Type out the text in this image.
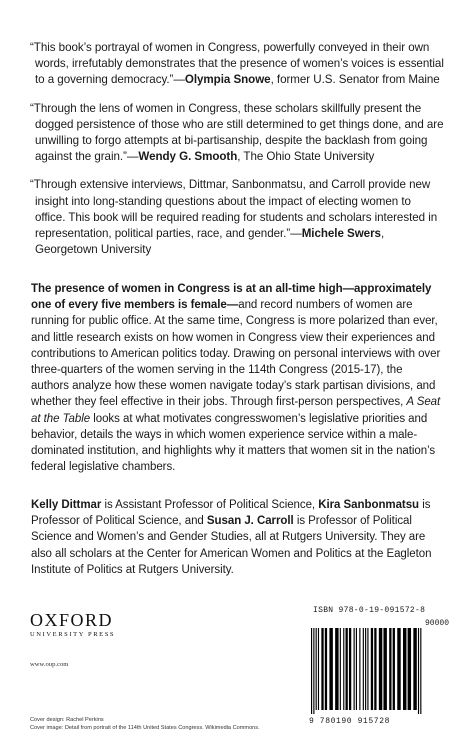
“This book’s portrayal of women in Congress, powerfully conveyed in their own words, irrefutably demonstrates that the presence of women’s voices is essential to a governing democracy.”—Olympia Snowe, former U.S. Senator from Maine
“Through the lens of women in Congress, these scholars skillfully present the dogged persistence of those who are still determined to get things done, and are unwilling to forgo attempts at bi-partisanship, despite the backlash from going against the grain.”—Wendy G. Smooth, The Ohio State University
“Through extensive interviews, Dittmar, Sanbonmatsu, and Carroll provide new insight into long-standing questions about the impact of electing women to office. This book will be required reading for students and scholars interested in representation, political parties, race, and gender.”—Michele Swers, Georgetown University

The presence of women in Congress is at an all-time high—approximately one of every five members is female—and record numbers of women are running for public office. At the same time, Congress is more polarized than ever, and little research exists on how women in Congress view their experiences and contributions to American politics today. Drawing on personal interviews with over three-quarters of the women serving in the 114th Congress (2015-17), the authors analyze how these women navigate today’s stark partisan divisions, and whether they feel effective in their jobs. Through first-person perspectives, A Seat at the Table looks at what motivates congresswomen’s legislative priorities and behavior, details the ways in which women experience service within a male-dominated institution, and highlights why it matters that women sit in the nation’s federal legislative chambers.

Kelly Dittmar is Assistant Professor of Political Science, Kira Sanbonmatsu is Professor of Political Science, and Susan J. Carroll is Professor of Political Science and Women’s and Gender Studies, all at Rutgers University. They are also all scholars at the Center for American Women and Politics at the Eagleton Institute of Politics at Rutgers University.

OXFORD
UNIVERSITY PRESS
www.oup.com
Cover design: Rachel Perkins
Cover image: Detail from portrait of the 114th United States Congress. Wikimedia Commons.
ISBN 978-0-19-091572-8
90000
9 780190 915728
